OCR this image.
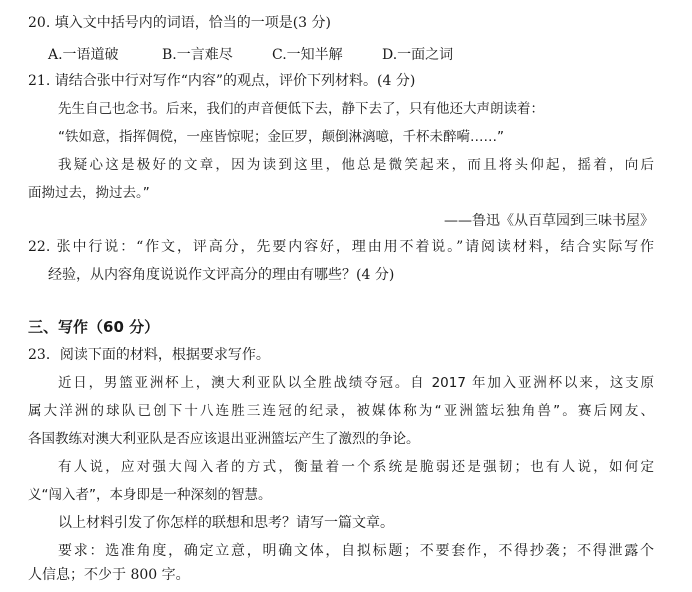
20. 填入文中括号内的词语，恰当的一项是(3 分)
A.一语道破	B.一言难尽	C.一知半解	D.一面之词
21. 请结合张中行对写作“内容”的观点，评价下列材料。(4 分)
先生自己也念书。后来，我们的声音便低下去，静下去了，只有他还大声朗读着：
“铁如意，指挥倜傥，一座皆惊呢；金叵罗，颠倒淋漓噫，千杯未醉嗬……”
我疑心这是极好的文章，因为读到这里，他总是微笑起来，而且将头仰起，摇着，向后
面拗过去，拗过去。”
——鲁迅《从百草园到三味书屋》
22. 张中行说：“作文，评高分，先要内容好，理由用不着说。”请阅读材料，结合实际写作
经验，从内容角度说说作文评高分的理由有哪些？(4 分)
三、写作（60 分）
23．阅读下面的材料，根据要求写作。
近日，男篮亚洲杯上，澳大利亚队以全胜战绩夺冠。自 2017 年加入亚洲杯以来，这支原
属大洋洲的球队已创下十八连胜三连冠的纪录，被媒体称为“亚洲篮坛独角兽”。赛后网友、
各国教练对澳大利亚队是否应该退出亚洲篮坛产生了激烈的争论。
有人说，应对强大闯入者的方式，衡量着一个系统是脆弱还是强韧；也有人说，如何定
义“闯入者”，本身即是一种深刻的智慧。
以上材料引发了你怎样的联想和思考？请写一篇文章。
要求：选准角度，确定立意，明确文体，自拟标题；不要套作，不得抄袭；不得泄露个
人信息；不少于 800 字。
